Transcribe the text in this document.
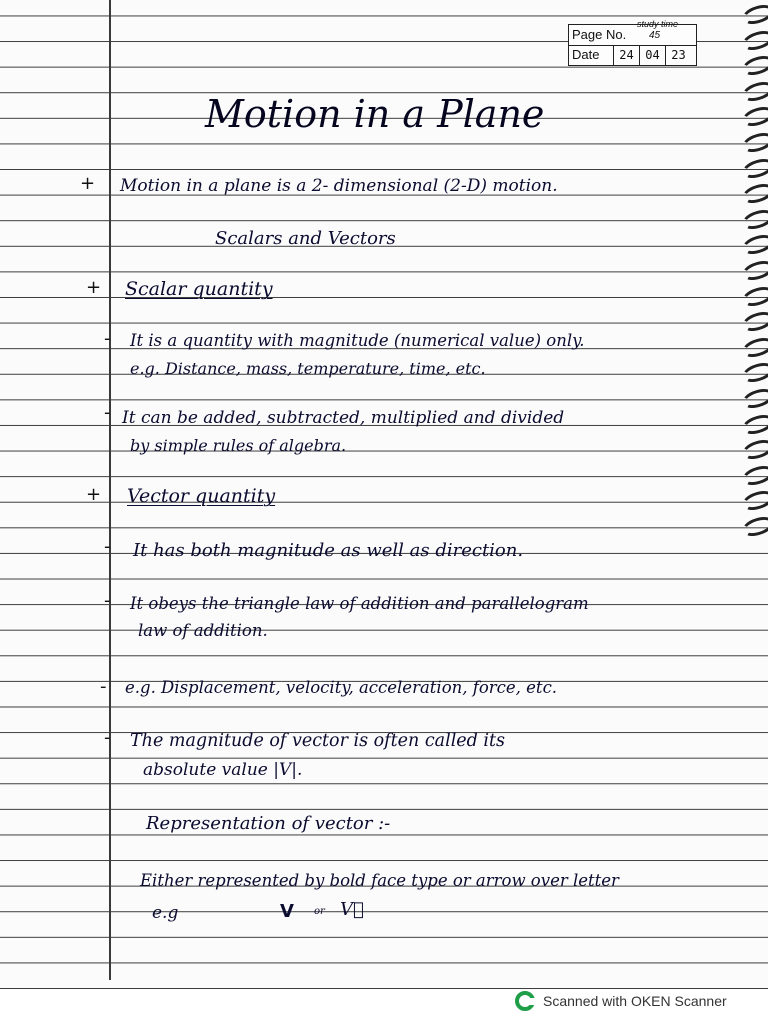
Page No.
study time
45
Date	24 04 23
Motion in a Plane
+
+
+
-
-
-
-
-
-
Motion in a plane is a 2- dimensional (2-D) motion.
Scalars and Vectors
Scalar quantity
It is a quantity with magnitude (numerical value) only.
e.g. Distance, mass, temperature, time, etc.
It can be added, subtracted, multiplied and divided
by simple rules of algebra.
Vector quantity
It has both magnitude as well as direction.
It obeys the triangle law of addition and parallelogram
law of addition.
e.g. Displacement, velocity, acceleration, force, etc.
The magnitude of vector is often called its
absolute value |V|.
Representation of vector :-
Either represented by bold face type or arrow over letter
e.g	V or V⃗
Scanned with OKEN Scanner
